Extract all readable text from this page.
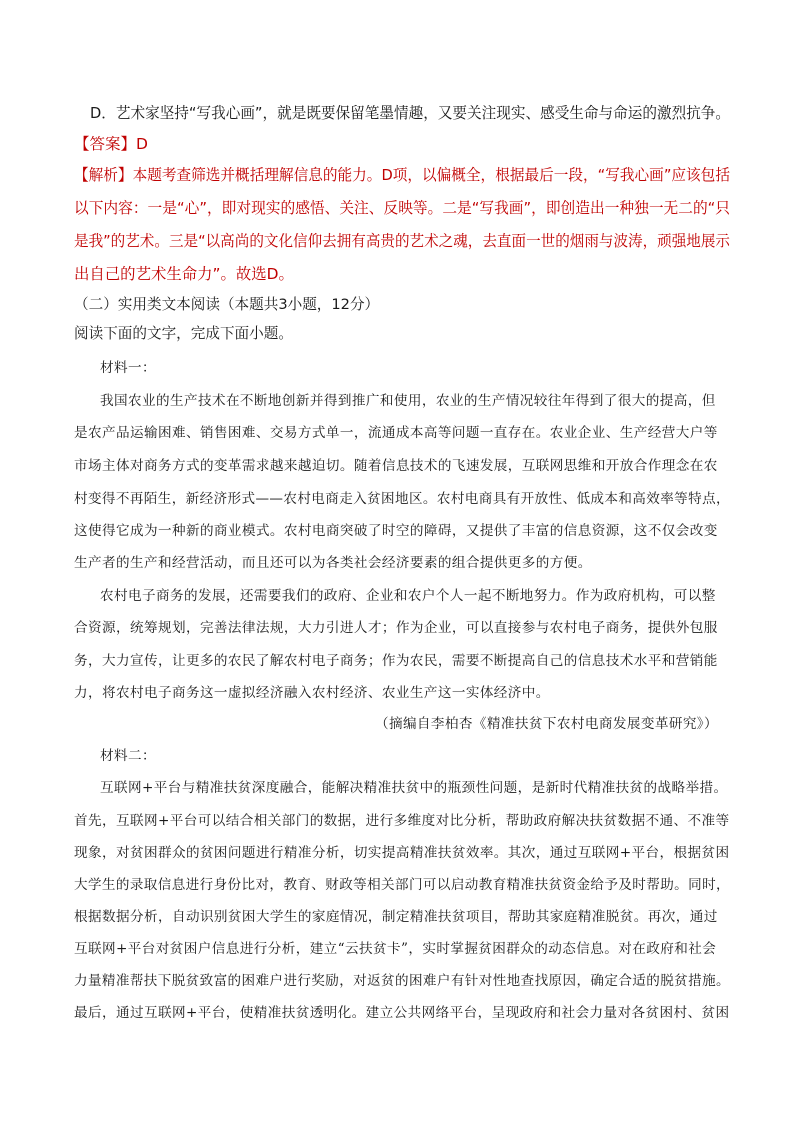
D．艺术家坚持“写我心画”，就是既要保留笔墨情趣，又要关注现实、感受生命与命运的激烈抗争。
【答案】D
【解析】本题考查筛选并概括理解信息的能力。D项，以偏概全，根据最后一段，“写我心画”应该包括
以下内容：一是“心”，即对现实的感悟、关注、反映等。二是“写我画”，即创造出一种独一无二的“只
是我”的艺术。三是“以高尚的文化信仰去拥有高贵的艺术之魂，去直面一世的烟雨与波涛，顽强地展示
出自己的艺术生命力”。故选D。
（二）实用类文本阅读（本题共3小题，12分）
阅读下面的文字，完成下面小题。
材料一：
我国农业的生产技术在不断地创新并得到推广和使用，农业的生产情况较往年得到了很大的提高，但
是农产品运输困难、销售困难、交易方式单一，流通成本高等问题一直存在。农业企业、生产经营大户等
市场主体对商务方式的变革需求越来越迫切。随着信息技术的飞速发展，互联网思维和开放合作理念在农
村变得不再陌生，新经济形式——农村电商走入贫困地区。农村电商具有开放性、低成本和高效率等特点，
这使得它成为一种新的商业模式。农村电商突破了时空的障碍，又提供了丰富的信息资源，这不仅会改变
生产者的生产和经营活动，而且还可以为各类社会经济要素的组合提供更多的方便。
农村电子商务的发展，还需要我们的政府、企业和农户个人一起不断地努力。作为政府机构，可以整
合资源，统筹规划，完善法律法规，大力引进人才；作为企业，可以直接参与农村电子商务，提供外包服
务，大力宣传，让更多的农民了解农村电子商务；作为农民，需要不断提高自己的信息技术水平和营销能
力，将农村电子商务这一虚拟经济融入农村经济、农业生产这一实体经济中。
（摘编自李柏杏《精准扶贫下农村电商发展变革研究》）
材料二：
互联网+平台与精准扶贫深度融合，能解决精准扶贫中的瓶颈性问题，是新时代精准扶贫的战略举措。
首先，互联网+平台可以结合相关部门的数据，进行多维度对比分析，帮助政府解决扶贫数据不通、不准等
现象，对贫困群众的贫困问题进行精准分析，切实提高精准扶贫效率。其次，通过互联网+平台，根据贫困
大学生的录取信息进行身份比对，教育、财政等相关部门可以启动教育精准扶贫资金给予及时帮助。同时，
根据数据分析，自动识别贫困大学生的家庭情况，制定精准扶贫项目，帮助其家庭精准脱贫。再次，通过
互联网+平台对贫困户信息进行分析，建立“云扶贫卡”，实时掌握贫困群众的动态信息。对在政府和社会
力量精准帮扶下脱贫致富的困难户进行奖励，对返贫的困难户有针对性地查找原因，确定合适的脱贫措施。
最后，通过互联网+平台，使精准扶贫透明化。建立公共网络平台，呈现政府和社会力量对各贫困村、贫困
